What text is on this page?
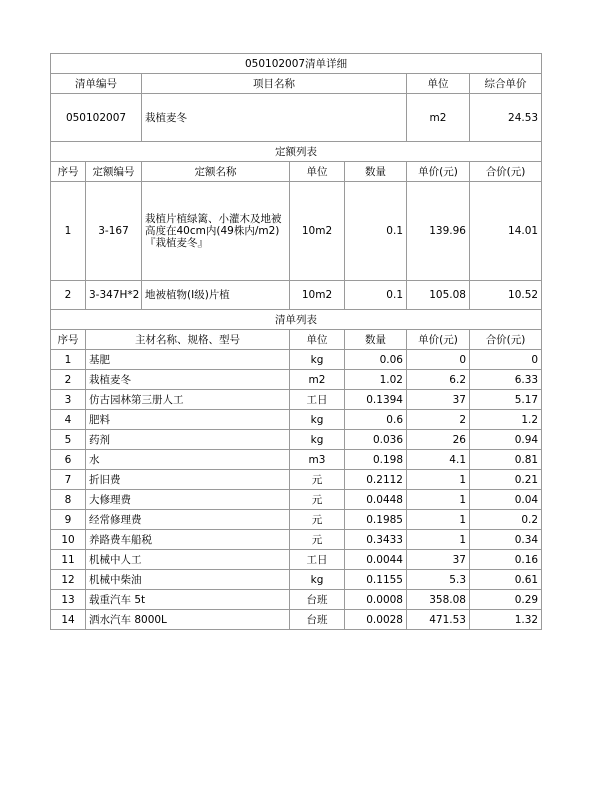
050102007清单详细						
清单编号		项目名称			单位	综合单价
050102007		栽植麦冬			m2	24.53
定额列表						
序号	定额编号	定额名称	单位	数量	单价(元)	合价(元)
1	3-167	栽植片植绿篱、小灌木及地被高度在40cm内(49株内/m2)『栽植麦冬』	10m2	0.1	139.96	14.01
2	3-347H*2	地被植物(I级)片植	10m2	0.1	105.08	10.52
清单列表						
序号	主材名称、规格、型号		单位	数量	单价(元)	合价(元)
1	基肥		kg	0.06	0	0
2	栽植麦冬		m2	1.02	6.2	6.33
3	仿古园林第三册人工		工日	0.1394	37	5.17
4	肥料		kg	0.6	2	1.2
5	药剂		kg	0.036	26	0.94
6	水		m3	0.198	4.1	0.81
7	折旧费		元	0.2112	1	0.21
8	大修理费		元	0.0448	1	0.04
9	经常修理费		元	0.1985	1	0.2
10	养路费车船税		元	0.3433	1	0.34
11	机械中人工		工日	0.0044	37	0.16
12	机械中柴油		kg	0.1155	5.3	0.61
13	载重汽车 5t		台班	0.0008	358.08	0.29
14	洒水汽车 8000L		台班	0.0028	471.53	1.32
